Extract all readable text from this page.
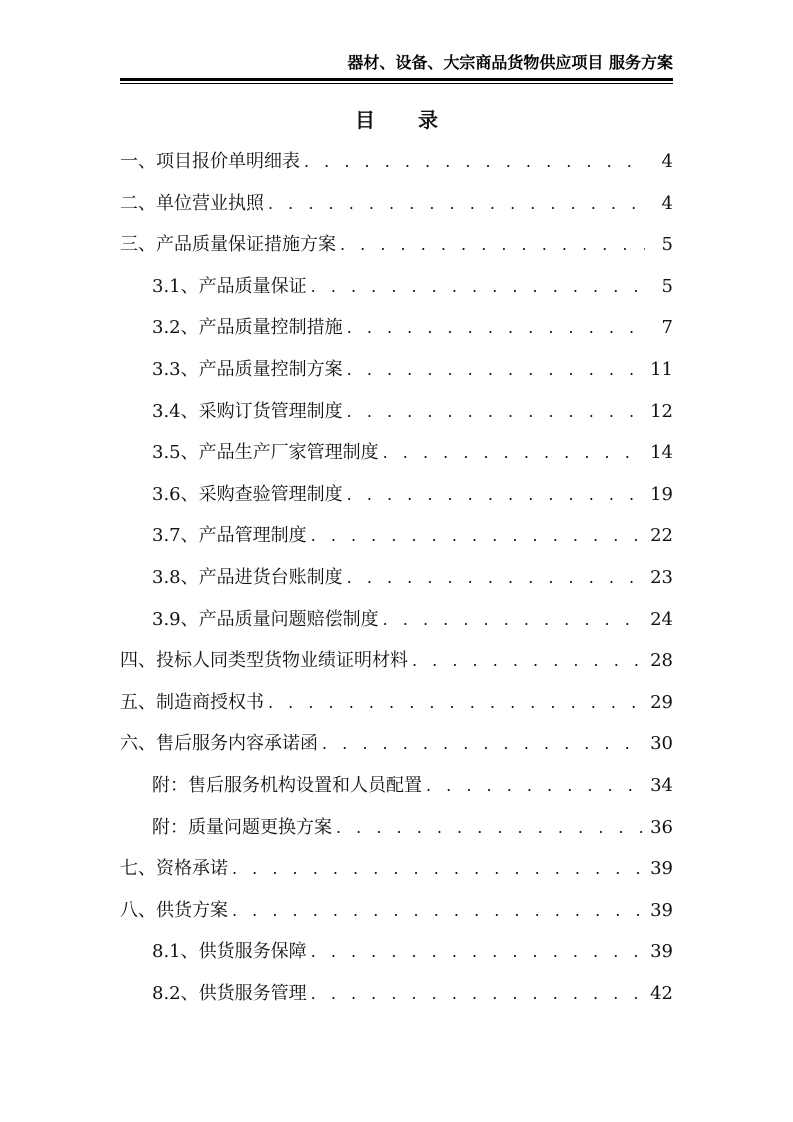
器材、设备、大宗商品货物供应项目 服务方案
目 录
一、项目报价单明细表 . . .	4
二、单位营业执照 . . .	4
三、产品质量保证措施方案 . . .	5
3.1、产品质量保证 . . .	5
3.2、产品质量控制措施 . . .	7
3.3、产品质量控制方案 . . .	11
3.4、采购订货管理制度 . . .	12
3.5、产品生产厂家管理制度 . . .	14
3.6、采购查验管理制度 . . .	19
3.7、产品管理制度 . . .	22
3.8、产品进货台账制度 . . .	23
3.9、产品质量问题赔偿制度 . . .	24
四、投标人同类型货物业绩证明材料 . . .	28
五、制造商授权书 . . .	29
六、售后服务内容承诺函 . . .	30
附：售后服务机构设置和人员配置 . . .	34
附：质量问题更换方案 . . .	36
七、资格承诺 . . .	39
八、供货方案 . . .	39
8.1、供货服务保障 . . .	39
8.2、供货服务管理 . . .	42
